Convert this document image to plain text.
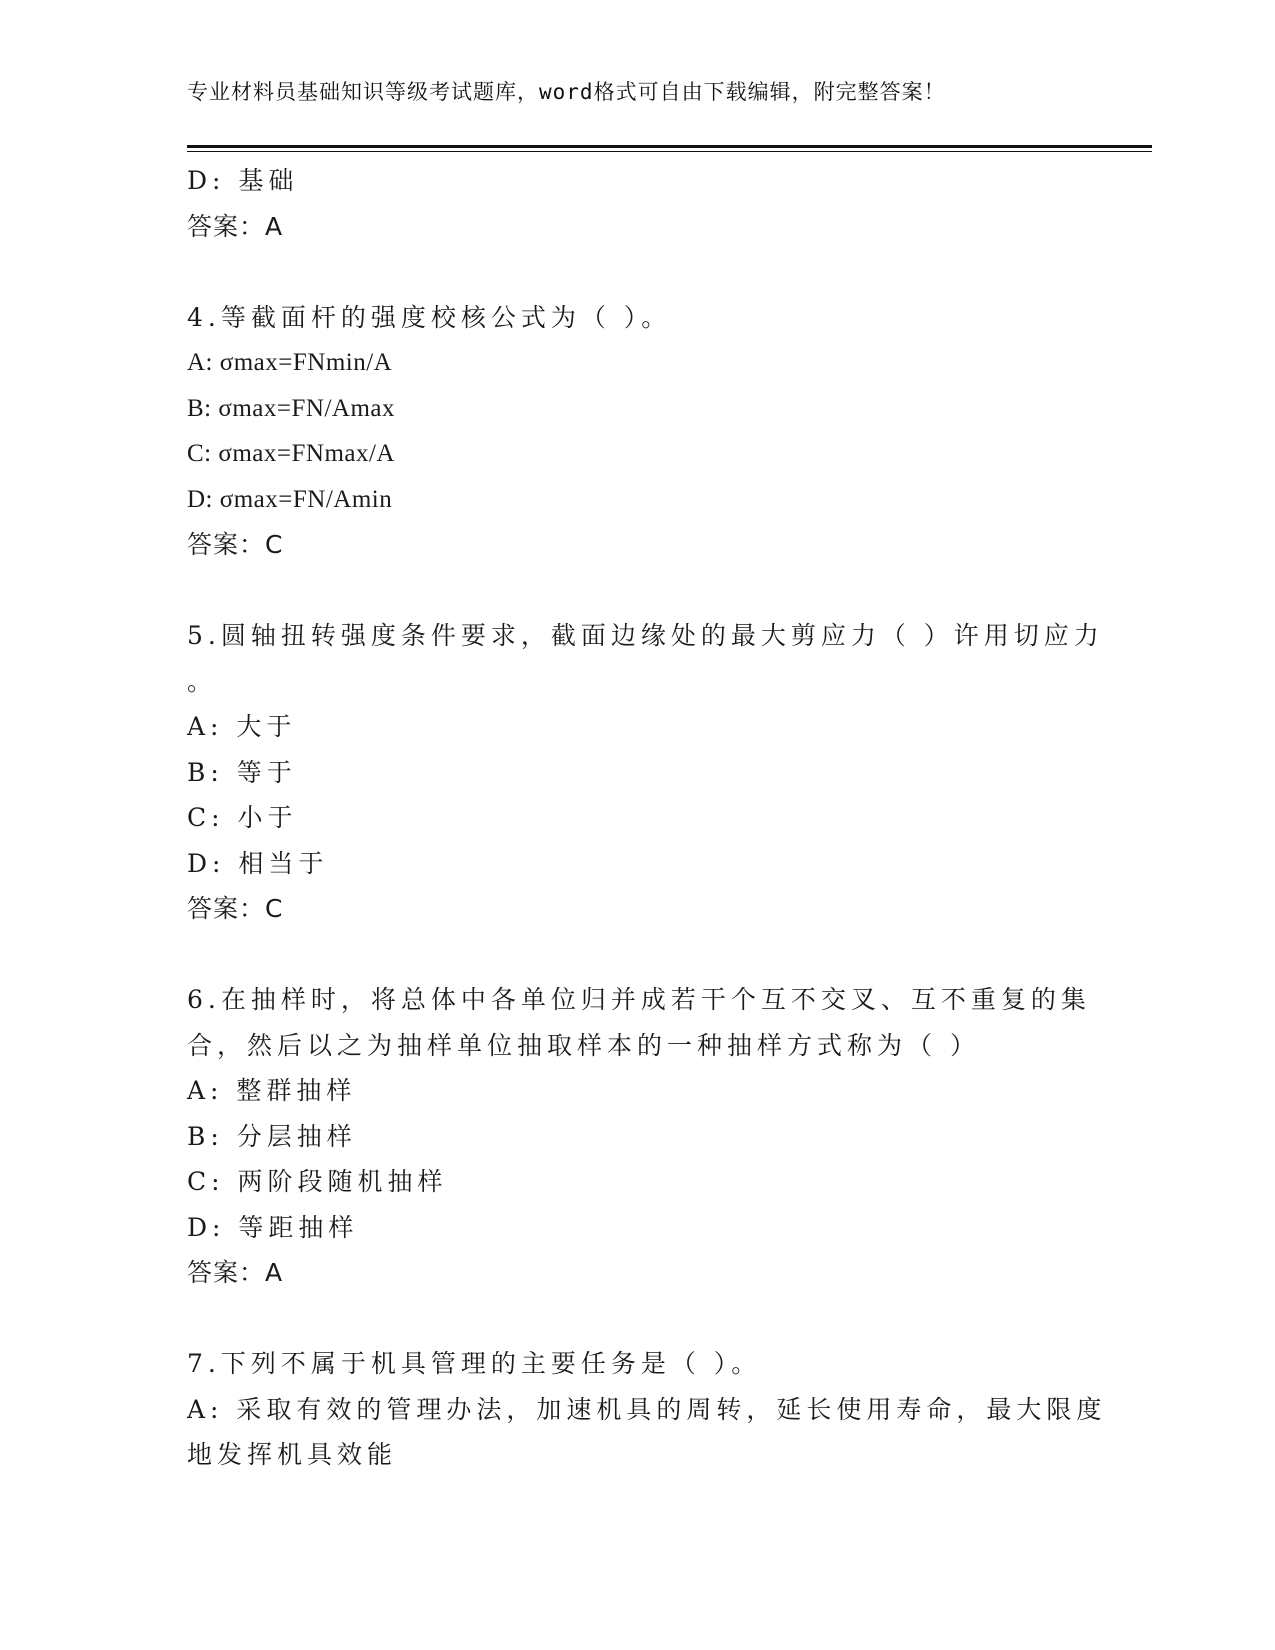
专业材料员基础知识等级考试题库，word格式可自由下载编辑，附完整答案！
D: 基础
答案：A
4.等截面杆的强度校核公式为（ ）。
A: σmax=FNmin/A
B: σmax=FN/Amax
C: σmax=FNmax/A
D: σmax=FN/Amin
答案：C
5.圆轴扭转强度条件要求，截面边缘处的最大剪应力（ ）许用切应力
。
A: 大于
B: 等于
C: 小于
D: 相当于
答案：C
6.在抽样时，将总体中各单位归并成若干个互不交叉、互不重复的集
合，然后以之为抽样单位抽取样本的一种抽样方式称为（ ）
A: 整群抽样
B: 分层抽样
C: 两阶段随机抽样
D: 等距抽样
答案：A
7.下列不属于机具管理的主要任务是（ ）。
A: 采取有效的管理办法，加速机具的周转，延长使用寿命，最大限度
地发挥机具效能
